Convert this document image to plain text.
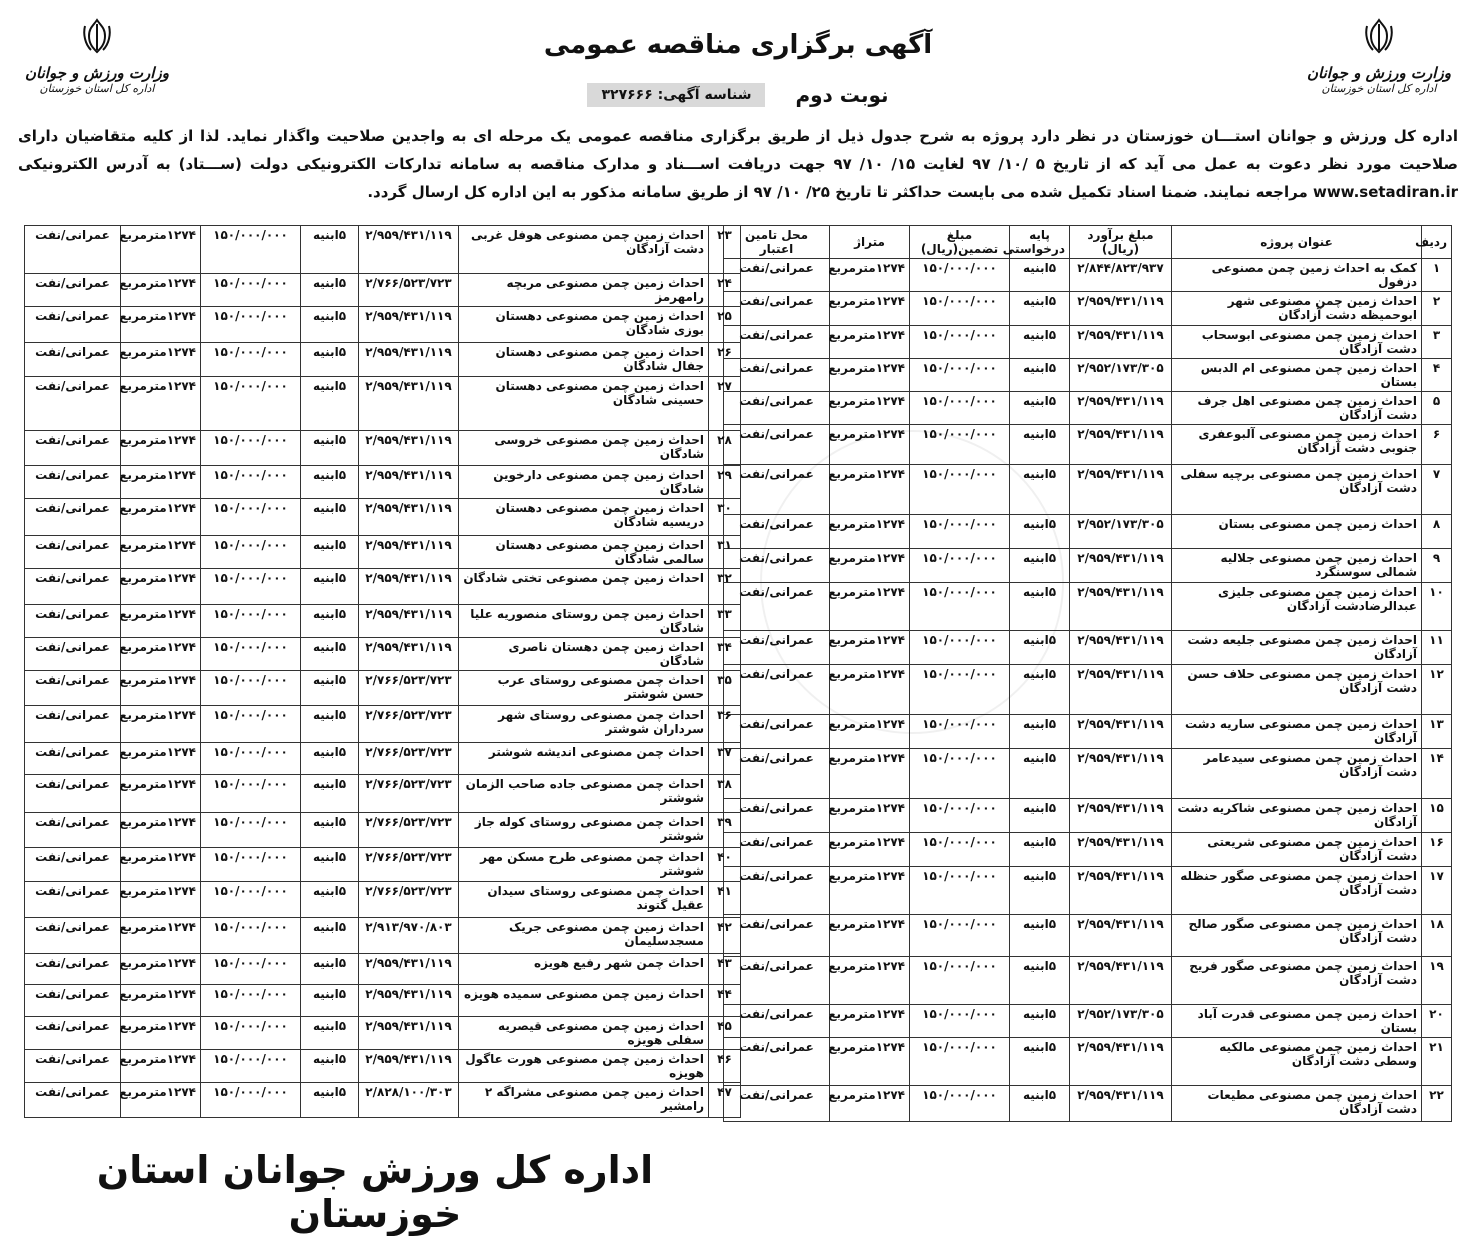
وزارت ورزش و جوانان
اداره کل استان خوزستان
وزارت ورزش و جوانان
اداره کل استان خوزستان
آگهی برگزاری مناقصه عمومی
نوبت دوم
شناسه آگهی: ۳۲۷۶۶۶
اداره کل ورزش و جوانان استـــان خوزستان در نظر دارد پروژه به شرح جدول ذیل از طریق برگزاری مناقصه عمومی یک مرحله ای به واجدین صلاحیت واگذار نماید. لذا از کلیه متقاضیان دارای صلاحیت مورد نظر دعوت به عمل می آید که از تاریخ ۵ /۱۰/ ۹۷ لغایت ۱۵/ ۱۰/ ۹۷ جهت دریافت اســـناد و مدارک مناقصه به سامانه تدارکات الکترونیکی دولت (ســـتاد) به آدرس الکترونیکی www.setadiran.ir مراجعه نمایند. ضمنا اسناد تکمیل شده می بایست حداکثر تا تاریخ ۲۵/ ۱۰/ ۹۷ از طریق سامانه مذکور به این اداره کل ارسال گردد.
ردیف	عنوان پروژه	مبلغ برآورد (ریال)	پایه درخواستی	مبلغ تضمین(ریال)	متراژ	محل تامین اعتبار
۱	کمک به احداث زمین چمن مصنوعی دزفول	۲/۸۴۴/۸۲۳/۹۳۷	۵ابنیه	۱۵۰/۰۰۰/۰۰۰	۱۲۷۴مترمربع	عمرانی/نفت
۲	احداث زمین چمن مصنوعی شهر ابوحمیظه دشت آزادگان	۲/۹۵۹/۴۳۱/۱۱۹	۵ابنیه	۱۵۰/۰۰۰/۰۰۰	۱۲۷۴مترمربع	عمرانی/نفت
۳	احداث زمین چمن مصنوعی ابوسحاب دشت آزادگان	۲/۹۵۹/۴۳۱/۱۱۹	۵ابنیه	۱۵۰/۰۰۰/۰۰۰	۱۲۷۴مترمربع	عمرانی/نفت
۴	احداث زمین چمن مصنوعی ام الدبس بستان	۲/۹۵۲/۱۷۳/۳۰۵	۵ابنیه	۱۵۰/۰۰۰/۰۰۰	۱۲۷۴مترمربع	عمرانی/نفت
۵	احداث زمین چمن مصنوعی اهل جرف دشت آزادگان	۲/۹۵۹/۴۳۱/۱۱۹	۵ابنیه	۱۵۰/۰۰۰/۰۰۰	۱۲۷۴مترمربع	عمرانی/نفت
۶	احداث زمین چمن مصنوعی آلبوعفری جنوبی دشت آزادگان	۲/۹۵۹/۴۳۱/۱۱۹	۵ابنیه	۱۵۰/۰۰۰/۰۰۰	۱۲۷۴مترمربع	عمرانی/نفت
۷	احداث زمین چمن مصنوعی برچیه سفلی دشت آزادگان	۲/۹۵۹/۴۳۱/۱۱۹	۵ابنیه	۱۵۰/۰۰۰/۰۰۰	۱۲۷۴مترمربع	عمرانی/نفت
۸	احداث زمین چمن مصنوعی بستان	۲/۹۵۲/۱۷۳/۳۰۵	۵ابنیه	۱۵۰/۰۰۰/۰۰۰	۱۲۷۴مترمربع	عمرانی/نفت
۹	احداث زمین چمن مصنوعی جلالیه شمالی سوسنگرد	۲/۹۵۹/۴۳۱/۱۱۹	۵ابنیه	۱۵۰/۰۰۰/۰۰۰	۱۲۷۴مترمربع	عمرانی/نفت
۱۰	احداث زمین چمن مصنوعی جلیزی عبدالرضادشت آزادگان	۲/۹۵۹/۴۳۱/۱۱۹	۵ابنیه	۱۵۰/۰۰۰/۰۰۰	۱۲۷۴مترمربع	عمرانی/نفت
۱۱	احداث زمین چمن مصنوعی جلیعه دشت آزادگان	۲/۹۵۹/۴۳۱/۱۱۹	۵ابنیه	۱۵۰/۰۰۰/۰۰۰	۱۲۷۴مترمربع	عمرانی/نفت
۱۲	احداث زمین چمن مصنوعی حلاف حسن دشت آزادگان	۲/۹۵۹/۴۳۱/۱۱۹	۵ابنیه	۱۵۰/۰۰۰/۰۰۰	۱۲۷۴مترمربع	عمرانی/نفت
۱۳	احداث زمین چمن مصنوعی ساریه دشت آزادگان	۲/۹۵۹/۴۳۱/۱۱۹	۵ابنیه	۱۵۰/۰۰۰/۰۰۰	۱۲۷۴مترمربع	عمرانی/نفت
۱۴	احداث زمین چمن مصنوعی سیدعامر دشت آزادگان	۲/۹۵۹/۴۳۱/۱۱۹	۵ابنیه	۱۵۰/۰۰۰/۰۰۰	۱۲۷۴مترمربع	عمرانی/نفت
۱۵	احداث زمین چمن مصنوعی شاکریه دشت آزادگان	۲/۹۵۹/۴۳۱/۱۱۹	۵ابنیه	۱۵۰/۰۰۰/۰۰۰	۱۲۷۴مترمربع	عمرانی/نفت
۱۶	احداث زمین چمن مصنوعی شریعتی دشت آزادگان	۲/۹۵۹/۴۳۱/۱۱۹	۵ابنیه	۱۵۰/۰۰۰/۰۰۰	۱۲۷۴مترمربع	عمرانی/نفت
۱۷	احداث زمین چمن مصنوعی صگور حنظله دشت آزادگان	۲/۹۵۹/۴۳۱/۱۱۹	۵ابنیه	۱۵۰/۰۰۰/۰۰۰	۱۲۷۴مترمربع	عمرانی/نفت
۱۸	احداث زمین چمن مصنوعی صگور صالح دشت آزادگان	۲/۹۵۹/۴۳۱/۱۱۹	۵ابنیه	۱۵۰/۰۰۰/۰۰۰	۱۲۷۴مترمربع	عمرانی/نفت
۱۹	احداث زمین چمن مصنوعی صگور فریح دشت آزادگان	۲/۹۵۹/۴۳۱/۱۱۹	۵ابنیه	۱۵۰/۰۰۰/۰۰۰	۱۲۷۴مترمربع	عمرانی/نفت
۲۰	احداث زمین چمن مصنوعی قدرت آباد بستان	۲/۹۵۲/۱۷۳/۳۰۵	۵ابنیه	۱۵۰/۰۰۰/۰۰۰	۱۲۷۴مترمربع	عمرانی/نفت
۲۱	احداث زمین چمن مصنوعی مالکیه وسطی دشت آزادگان	۲/۹۵۹/۴۳۱/۱۱۹	۵ابنیه	۱۵۰/۰۰۰/۰۰۰	۱۲۷۴مترمربع	عمرانی/نفت
۲۲	احداث زمین چمن مصنوعی مطیعات دشت آزادگان	۲/۹۵۹/۴۳۱/۱۱۹	۵ابنیه	۱۵۰/۰۰۰/۰۰۰	۱۲۷۴مترمربع	عمرانی/نفت
۲۳	احداث زمین چمن مصنوعی هوفل غربی دشت آزادگان	۲/۹۵۹/۴۳۱/۱۱۹	۵ابنیه	۱۵۰/۰۰۰/۰۰۰	۱۲۷۴مترمربع	عمرانی/نفت
۲۴	احداث زمین چمن مصنوعی مربچه رامهرمز	۲/۷۶۶/۵۲۳/۷۲۳	۵ابنیه	۱۵۰/۰۰۰/۰۰۰	۱۲۷۴مترمربع	عمرانی/نفت
۲۵	احداث زمین چمن مصنوعی دهستان بوزی شادگان	۲/۹۵۹/۴۳۱/۱۱۹	۵ابنیه	۱۵۰/۰۰۰/۰۰۰	۱۲۷۴مترمربع	عمرانی/نفت
۲۶	احداث زمین چمن مصنوعی دهستان جفال شادگان	۲/۹۵۹/۴۳۱/۱۱۹	۵ابنیه	۱۵۰/۰۰۰/۰۰۰	۱۲۷۴مترمربع	عمرانی/نفت
۲۷	احداث زمین چمن مصنوعی دهستان حسینی شادگان	۲/۹۵۹/۴۳۱/۱۱۹	۵ابنیه	۱۵۰/۰۰۰/۰۰۰	۱۲۷۴مترمربع	عمرانی/نفت
۲۸	احداث زمین چمن مصنوعی خروسی شادگان	۲/۹۵۹/۴۳۱/۱۱۹	۵ابنیه	۱۵۰/۰۰۰/۰۰۰	۱۲۷۴مترمربع	عمرانی/نفت
۲۹	احداث زمین چمن مصنوعی دارخوین شادگان	۲/۹۵۹/۴۳۱/۱۱۹	۵ابنیه	۱۵۰/۰۰۰/۰۰۰	۱۲۷۴مترمربع	عمرانی/نفت
۳۰	احداث زمین چمن مصنوعی دهستان دریسیه شادگان	۲/۹۵۹/۴۳۱/۱۱۹	۵ابنیه	۱۵۰/۰۰۰/۰۰۰	۱۲۷۴مترمربع	عمرانی/نفت
۳۱	احداث زمین چمن مصنوعی دهستان سالمی شادگان	۲/۹۵۹/۴۳۱/۱۱۹	۵ابنیه	۱۵۰/۰۰۰/۰۰۰	۱۲۷۴مترمربع	عمرانی/نفت
۳۲	احداث زمین چمن مصنوعی تختی شادگان	۲/۹۵۹/۴۳۱/۱۱۹	۵ابنیه	۱۵۰/۰۰۰/۰۰۰	۱۲۷۴مترمربع	عمرانی/نفت
۳۳	احداث زمین چمن روستای منصوریه علیا شادگان	۲/۹۵۹/۴۳۱/۱۱۹	۵ابنیه	۱۵۰/۰۰۰/۰۰۰	۱۲۷۴مترمربع	عمرانی/نفت
۳۴	احداث زمین چمن دهستان ناصری شادگان	۲/۹۵۹/۴۳۱/۱۱۹	۵ابنیه	۱۵۰/۰۰۰/۰۰۰	۱۲۷۴مترمربع	عمرانی/نفت
۳۵	احداث چمن مصنوعی روستای عرب حسن شوشتر	۲/۷۶۶/۵۲۳/۷۲۳	۵ابنیه	۱۵۰/۰۰۰/۰۰۰	۱۲۷۴مترمربع	عمرانی/نفت
۳۶	احداث چمن مصنوعی روستای شهر سرداران شوشتر	۲/۷۶۶/۵۲۳/۷۲۳	۵ابنیه	۱۵۰/۰۰۰/۰۰۰	۱۲۷۴مترمربع	عمرانی/نفت
۳۷	احداث چمن مصنوعی اندیشه شوشتر	۲/۷۶۶/۵۲۳/۷۲۳	۵ابنیه	۱۵۰/۰۰۰/۰۰۰	۱۲۷۴مترمربع	عمرانی/نفت
۳۸	احداث چمن مصنوعی جاده صاحب الزمان شوشتر	۲/۷۶۶/۵۲۳/۷۲۳	۵ابنیه	۱۵۰/۰۰۰/۰۰۰	۱۲۷۴مترمربع	عمرانی/نفت
۳۹	احداث چمن مصنوعی روستای کوله جاز شوشتر	۲/۷۶۶/۵۲۳/۷۲۳	۵ابنیه	۱۵۰/۰۰۰/۰۰۰	۱۲۷۴مترمربع	عمرانی/نفت
۴۰	احداث چمن مصنوعی طرح مسکن مهر شوشتر	۲/۷۶۶/۵۲۳/۷۲۳	۵ابنیه	۱۵۰/۰۰۰/۰۰۰	۱۲۷۴مترمربع	عمرانی/نفت
۴۱	احداث چمن مصنوعی روستای سیدان عقیل گتوند	۲/۷۶۶/۵۲۳/۷۲۳	۵ابنیه	۱۵۰/۰۰۰/۰۰۰	۱۲۷۴مترمربع	عمرانی/نفت
۴۲	احداث زمین چمن مصنوعی جریک مسجدسلیمان	۲/۹۱۳/۹۷۰/۸۰۳	۵ابنیه	۱۵۰/۰۰۰/۰۰۰	۱۲۷۴مترمربع	عمرانی/نفت
۴۳	احداث چمن شهر رفیع هویزه	۲/۹۵۹/۴۳۱/۱۱۹	۵ابنیه	۱۵۰/۰۰۰/۰۰۰	۱۲۷۴مترمربع	عمرانی/نفت
۴۴	احداث زمین چمن مصنوعی سمیده هویزه	۲/۹۵۹/۴۳۱/۱۱۹	۵ابنیه	۱۵۰/۰۰۰/۰۰۰	۱۲۷۴مترمربع	عمرانی/نفت
۴۵	احداث زمین چمن مصنوعی قیصریه سفلی هویزه	۲/۹۵۹/۴۳۱/۱۱۹	۵ابنیه	۱۵۰/۰۰۰/۰۰۰	۱۲۷۴مترمربع	عمرانی/نفت
۴۶	احداث زمین چمن مصنوعی هورت عاگول هویزه	۲/۹۵۹/۴۳۱/۱۱۹	۵ابنیه	۱۵۰/۰۰۰/۰۰۰	۱۲۷۴مترمربع	عمرانی/نفت
۴۷	احداث زمین چمن مصنوعی مشراگه ۲ رامشیر	۲/۸۲۸/۱۰۰/۳۰۳	۵ابنیه	۱۵۰/۰۰۰/۰۰۰	۱۲۷۴مترمربع	عمرانی/نفت
اداره کل ورزش جوانان استان خوزستان
